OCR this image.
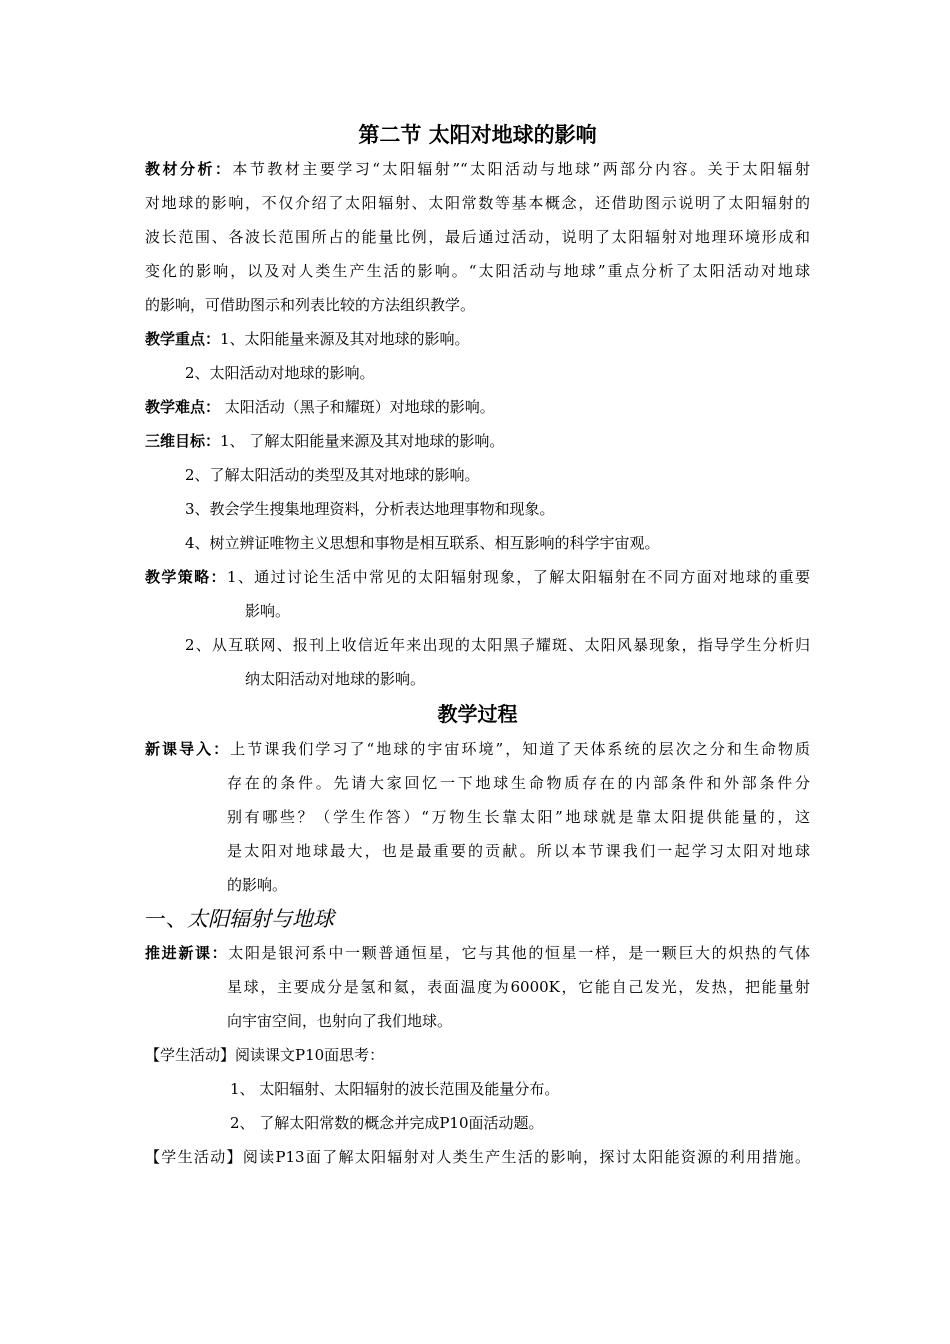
第二节 太阳对地球的影响
教材分析：本节教材主要学习“太阳辐射”“太阳活动与地球”两部分内容。关于太阳辐射
对地球的影响，不仅介绍了太阳辐射、太阳常数等基本概念，还借助图示说明了太阳辐射的
波长范围、各波长范围所占的能量比例，最后通过活动，说明了太阳辐射对地理环境形成和
变化的影响，以及对人类生产生活的影响。“太阳活动与地球”重点分析了太阳活动对地球
的影响，可借助图示和列表比较的方法组织教学。
教学重点：1、太阳能量来源及其对地球的影响。
2、太阳活动对地球的影响。
教学难点： 太阳活动（黑子和耀斑）对地球的影响。
三维目标：1、 了解太阳能量来源及其对地球的影响。
2、了解太阳活动的类型及其对地球的影响。
3、教会学生搜集地理资料，分析表达地理事物和现象。
4、树立辨证唯物主义思想和事物是相互联系、相互影响的科学宇宙观。
教学策略：1、通过讨论生活中常见的太阳辐射现象，了解太阳辐射在不同方面对地球的重要
影响。
2、从互联网、报刊上收信近年来出现的太阳黑子耀斑、太阳风暴现象，指导学生分析归
纳太阳活动对地球的影响。
教学过程
新课导入：上节课我们学习了“地球的宇宙环境”，知道了天体系统的层次之分和生命物质
存在的条件。先请大家回忆一下地球生命物质存在的内部条件和外部条件分
别有哪些？（学生作答）“万物生长靠太阳”地球就是靠太阳提供能量的，这
是太阳对地球最大，也是最重要的贡献。所以本节课我们一起学习太阳对地球
的影响。
一、太阳辐射与地球
推进新课：太阳是银河系中一颗普通恒星，它与其他的恒星一样，是一颗巨大的炽热的气体
星球，主要成分是氢和氦，表面温度为6000K，它能自己发光，发热，把能量射
向宇宙空间，也射向了我们地球。
【学生活动】阅读课文P10面思考：
1、 太阳辐射、太阳辐射的波长范围及能量分布。
2、 了解太阳常数的概念并完成P10面活动题。
【学生活动】阅读P13面了解太阳辐射对人类生产生活的影响，探讨太阳能资源的利用措施。
